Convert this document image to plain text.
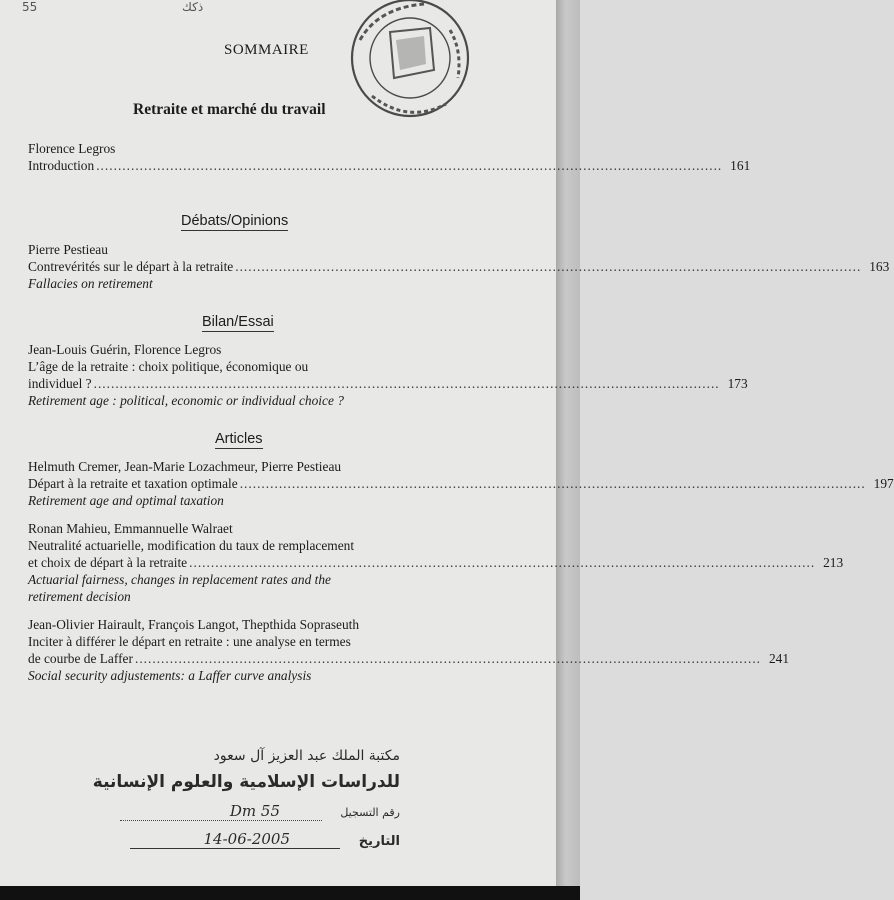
55	ذكك
SOMMAIRE
Retraite et marché du travail
Florence Legros
Introduction ................................................................................................................................................ 161
Débats/Opinions
Pierre Pestieau
Contrevérités sur le départ à la retraite ................................................................................................................................................ 163
Fallacies on retirement
Bilan/Essai
Jean-Louis Guérin, Florence Legros
L’âge de la retraite : choix politique, économique ou
individuel ? ................................................................................................................................................ 173
Retirement age : political, economic or individual choice ?
Articles
Helmuth Cremer, Jean-Marie Lozachmeur, Pierre Pestieau
Départ à la retraite et taxation optimale ................................................................................................................................................ 197
Retirement age and optimal taxation
Ronan Mahieu, Emmannuelle Walraet
Neutralité actuarielle, modification du taux de remplacement
et choix de départ à la retraite ................................................................................................................................................ 213
Actuarial fairness, changes in replacement rates and the
retirement decision
Jean-Olivier Hairault, François Langot, Thepthida Sopraseuth
Inciter à différer le départ en retraite : une analyse en termes
de courbe de Laffer ................................................................................................................................................ 241
Social security adjustements: a Laffer curve analysis
مكتبة الملك عبد العزيز آل سعود
للدراسات الإسلامية والعلوم الإنسانية
رقم التسجيل
Dm 55
التاريخ
14-06-2005
